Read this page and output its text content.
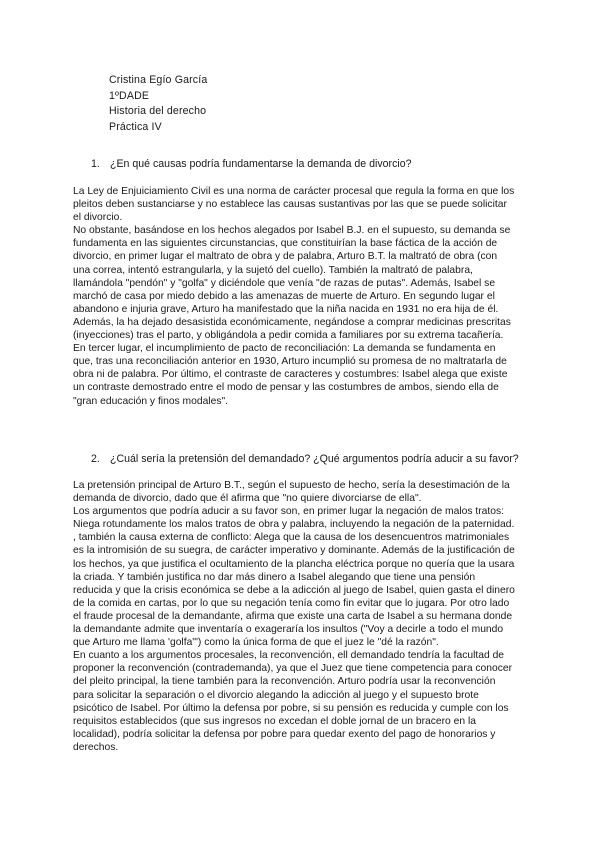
Cristina Egío García
1ºDADE
Historia del derecho
Práctica IV
1. ¿En qué causas podría fundamentarse la demanda de divorcio?
La Ley de Enjuiciamiento Civil es una norma de carácter procesal que regula la forma en que los
pleitos deben sustanciarse y no establece las causas sustantivas por las que se puede solicitar
el divorcio.
No obstante, basándose en los hechos alegados por Isabel B.J. en el supuesto, su demanda se
fundamenta en las siguientes circunstancias, que constituirían la base fáctica de la acción de
divorcio, en primer lugar el maltrato de obra y de palabra, Arturo B.T. la maltrató de obra (con
una correa, intentó estrangularla, y la sujetó del cuello). También la maltrató de palabra,
llamándola "pendón" y "golfa" y diciéndole que venía "de razas de putas". Además, Isabel se
marchó de casa por miedo debido a las amenazas de muerte de Arturo. En segundo lugar el
abandono e injuria grave, Arturo ha manifestado que la niña nacida en 1931 no era hija de él.
Además, la ha dejado desasistida económicamente, negándose a comprar medicinas prescritas
(inyecciones) tras el parto, y obligándola a pedir comida a familiares por su extrema tacañería.
En tercer lugar, el incumplimiento de pacto de reconciliación: La demanda se fundamenta en
que, tras una reconciliación anterior en 1930, Arturo incumplió su promesa de no maltratarla de
obra ni de palabra. Por último, el contraste de caracteres y costumbres: Isabel alega que existe
un contraste demostrado entre el modo de pensar y las costumbres de ambos, siendo ella de
"gran educación y finos modales".
2. ¿Cuál sería la pretensión del demandado? ¿Qué argumentos podría aducir a su favor?
La pretensión principal de Arturo B.T., según el supuesto de hecho, sería la desestimación de la
demanda de divorcio, dado que él afirma que "no quiere divorciarse de ella".
Los argumentos que podría aducir a su favor son, en primer lugar la negación de malos tratos:
Niega rotundamente los malos tratos de obra y palabra, incluyendo la negación de la paternidad.
, también la causa externa de conflicto: Alega que la causa de los desencuentros matrimoniales
es la intromisión de su suegra, de carácter imperativo y dominante. Además de la justificación de
los hechos, ya que justifica el ocultamiento de la plancha eléctrica porque no quería que la usara
la criada. Y también justifica no dar más dinero a Isabel alegando que tiene una pensión
reducida y que la crisis económica se debe a la adicción al juego de Isabel, quien gasta el dinero
de la comida en cartas, por lo que su negación tenía como fin evitar que lo jugara. Por otro lado
el fraude procesal de la demandante, afirma que existe una carta de Isabel a su hermana donde
la demandante admite que inventaría o exageraría los insultos ("Voy a decirle a todo el mundo
que Arturo me llama 'golfa'") como la única forma de que el juez le "dé la razón".
En cuanto a los argumentos procesales, la reconvención, ell demandado tendría la facultad de
proponer la reconvención (contrademanda), ya que el Juez que tiene competencia para conocer
del pleito principal, la tiene también para la reconvención. Arturo podría usar la reconvención
para solicitar la separación o el divorcio alegando la adicción al juego y el supuesto brote
psicótico de Isabel. Por último la defensa por pobre, si su pensión es reducida y cumple con los
requisitos establecidos (que sus ingresos no excedan el doble jornal de un bracero en la
localidad), podría solicitar la defensa por pobre para quedar exento del pago de honorarios y
derechos.
